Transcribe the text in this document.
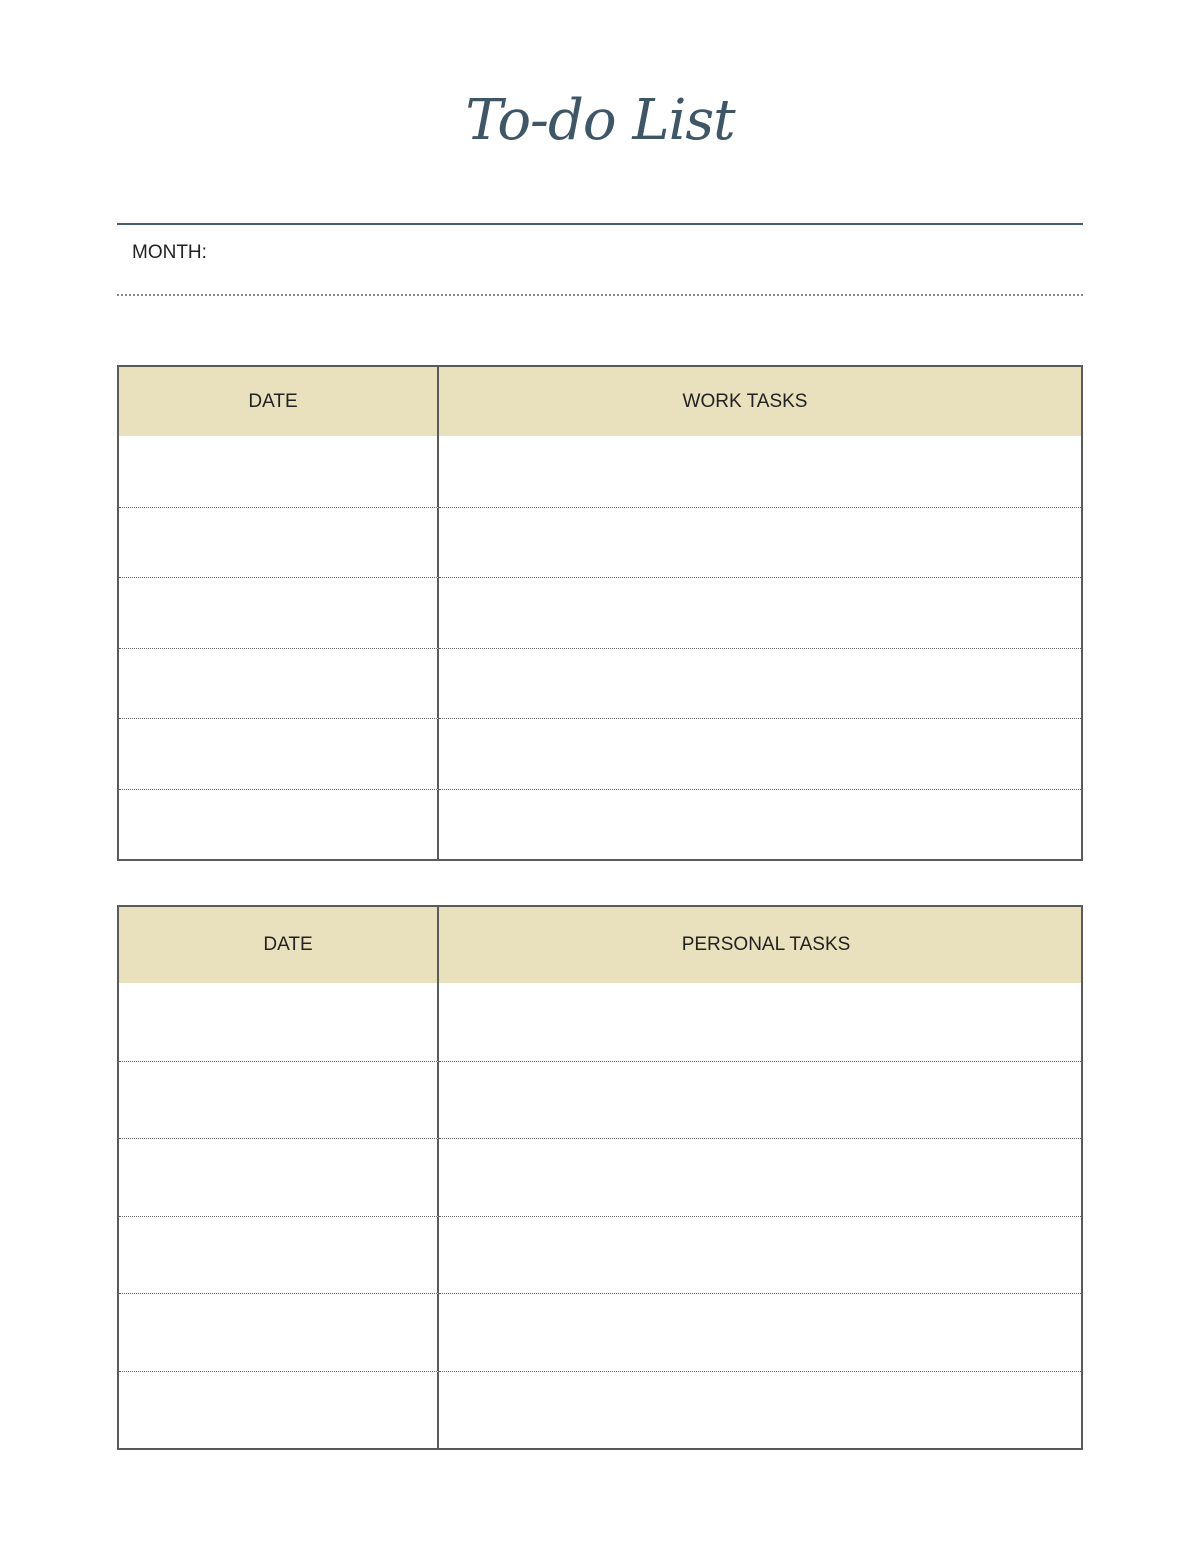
To-do List
MONTH:
DATE	WORK TASKS
DATE	PERSONAL TASKS
